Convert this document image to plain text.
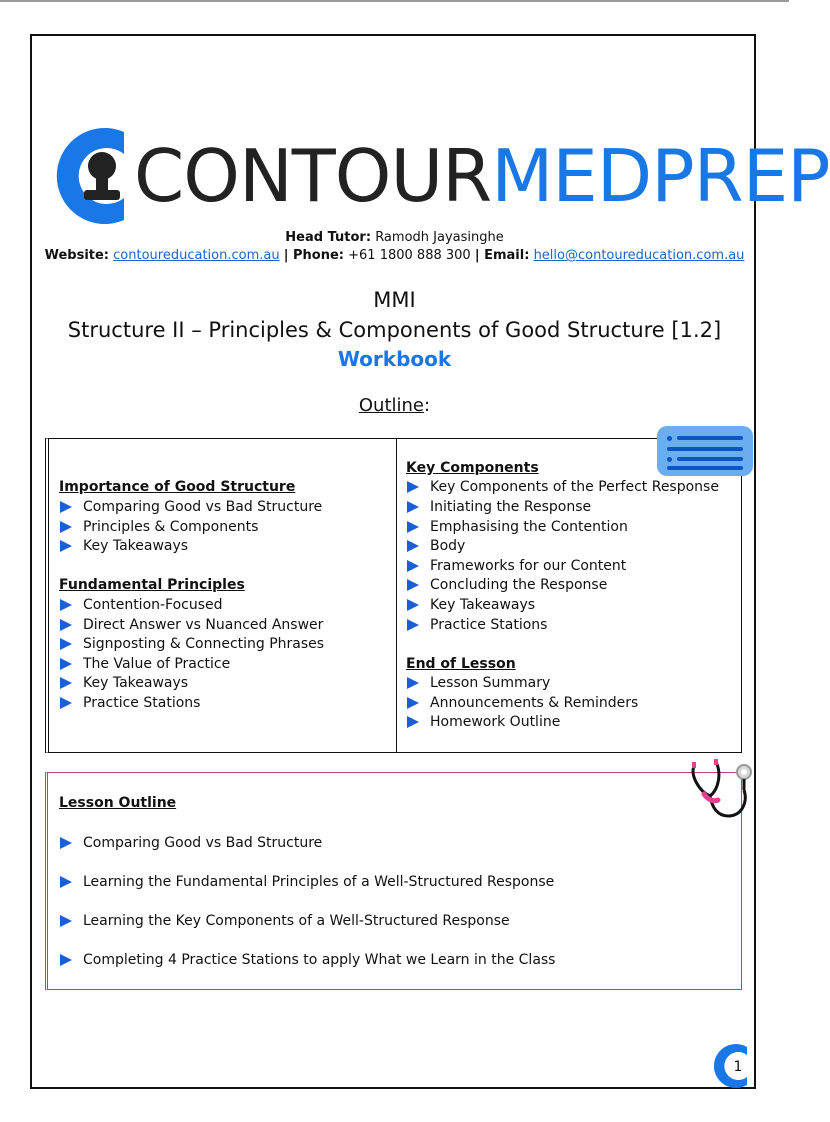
CONTOURMEDPREP
Head Tutor: Ramodh Jayasinghe
Website: contoureducation.com.au | Phone: +61 1800 888 300 | Email: hello@contoureducation.com.au
MMI
Structure II – Principles & Components of Good Structure [1.2]
Workbook
Outline:
Importance of Good Structure
Comparing Good vs Bad Structure
Principles & Components
Key Takeaways
Fundamental Principles
Contention-Focused
Direct Answer vs Nuanced Answer
Signposting & Connecting Phrases
The Value of Practice
Key Takeaways
Practice Stations
Key Components
Key Components of the Perfect Response
Initiating the Response
Emphasising the Contention
Body
Frameworks for our Content
Concluding the Response
Key Takeaways
Practice Stations
End of Lesson
Lesson Summary
Announcements & Reminders
Homework Outline
Lesson Outline
Comparing Good vs Bad Structure
Learning the Fundamental Principles of a Well-Structured Response
Learning the Key Components of a Well-Structured Response
Completing 4 Practice Stations to apply What we Learn in the Class
1
